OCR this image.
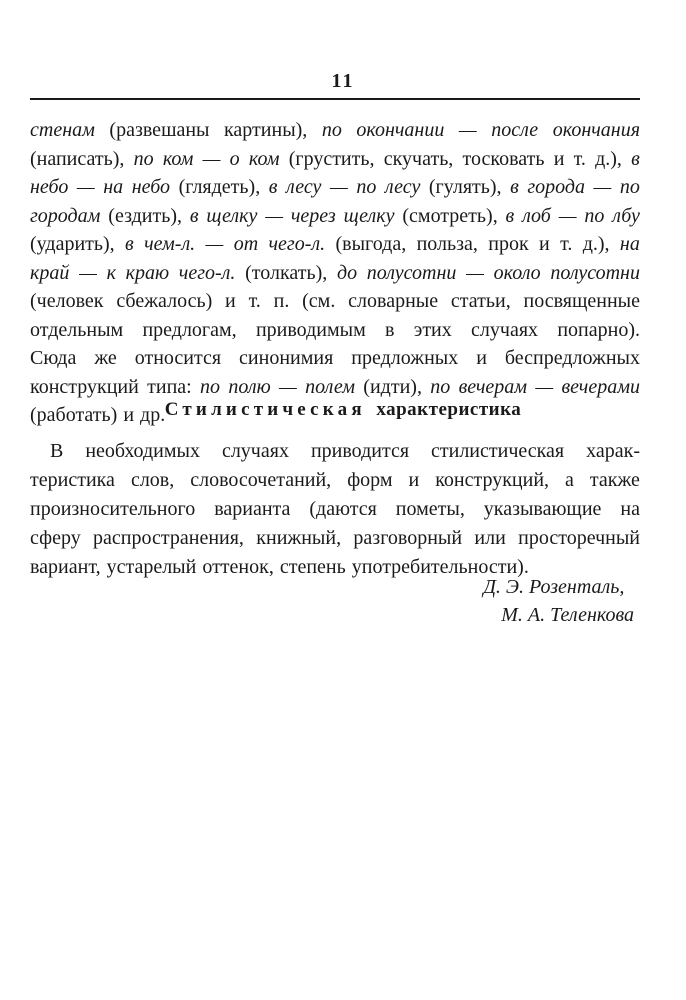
11
стенам (развешаны картины), по окончании — после окончания
(написать), по ком — о ком (грустить, скучать, тосковать и т. д.), в
небо — на небо (глядеть), в лесу — по лесу (гулять), в города — по
городам (ездить), в щелку — через щелку (смотреть), в лоб — по лбу
(ударить), в чем-л. — от чего-л. (выгода, польза, прок и т. д.), на
край — к краю чего-л. (толкать), до полусотни — около полусотни
(человек сбежалось) и т. п. (см. словарные статьи, посвященные
отдельным предлогам, приводимым в этих случаях попарно).
Сюда же относится синонимия предложных и беспредложных
конструкций типа: по полю — полем (идти), по вечерам — вечерами
(работать) и др. Стилистическая характеристика
В необходимых случаях приводится стилистическая харак-
теристика слов, словосочетаний, форм и конструкций, а также
произносительного варианта (даются пометы, указывающие на
сферу распространения, книжный, разговорный или просторечный
вариант, устарелый оттенок, степень употребительности).
Д. Э. Розенталь,
М. А. Теленкова
